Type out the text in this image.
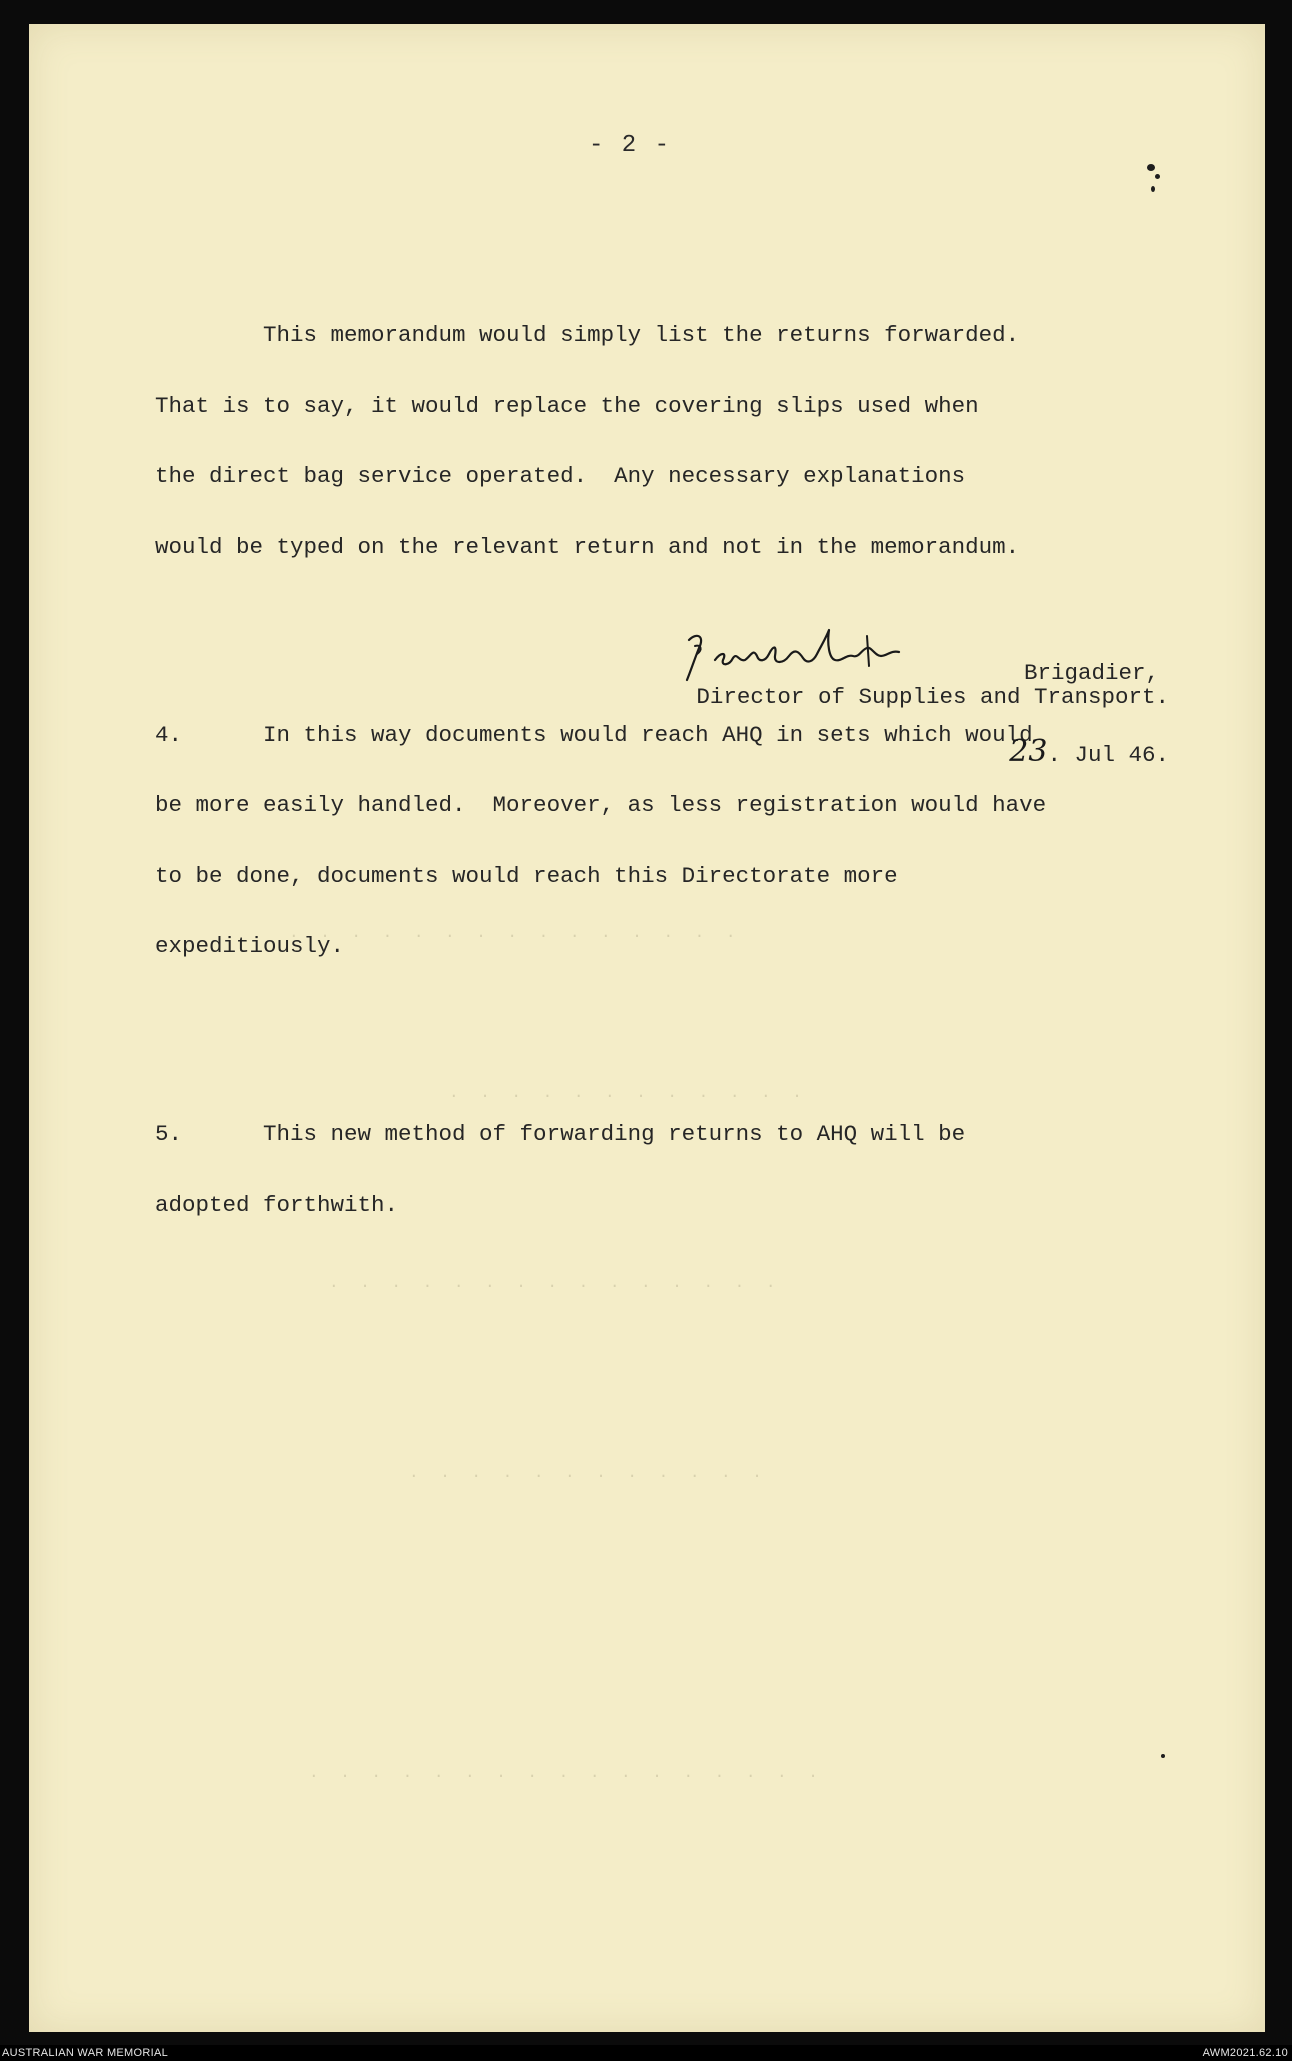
. . . . . . . . . . . . . . .
. . . . . . . . . . . .
. . . . . . . . . . . . . . .
. . . . . . . . . . . .
. . . . . . . . . . . . . . . . .
- 2 -

This memorandum would simply list the returns forwarded.

That is to say, it would replace the covering slips used when

the direct bag service operated.  Any necessary explanations

would be typed on the relevant return and not in the memorandum.

4.      In this way documents would reach AHQ in sets which would

be more easily handled.  Moreover, as less registration would have

to be done, documents would reach this Directorate more

expeditiously.

5.      This new method of forwarding returns to AHQ will be

adopted forthwith.

Brigadier,
Director of Supplies and Transport.
23. Jul 46.
AUSTRALIAN WAR MEMORIAL	AWM2021.62.10
